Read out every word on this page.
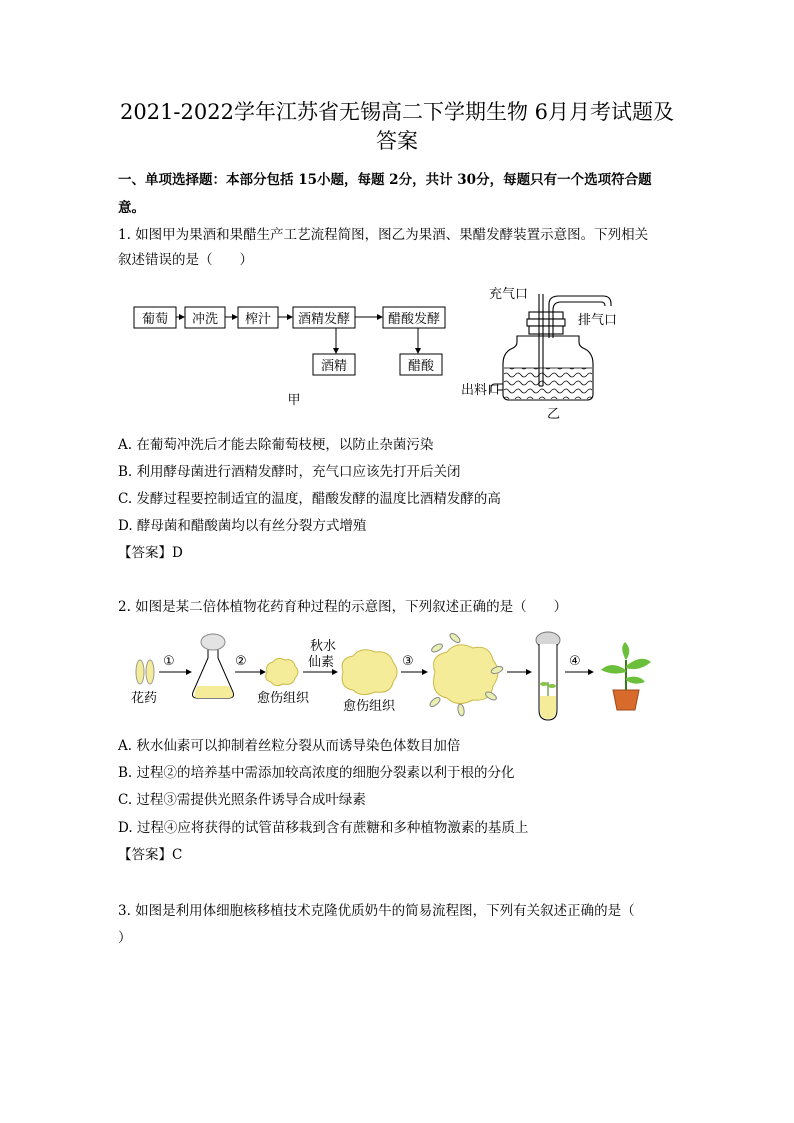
2021-2022学年江苏省无锡高二下学期生物 6月月考试题及
答案
一、单项选择题：本部分包括 15小题，每题 2分，共计 30分，每题只有一个选项符合题
意。
1. 如图甲为果酒和果醋生产工艺流程简图，图乙为果酒、果醋发酵装置示意图。下列相关
叙述错误的是（　　）
葡萄 冲洗 榨汁 酒精发酵	醋酸发酵
酒精	醋酸
甲
充气口
排气口
出料口
乙
A. 在葡萄冲洗后才能去除葡萄枝梗，以防止杂菌污染
B. 利用酵母菌进行酒精发酵时，充气口应该先打开后关闭
C. 发酵过程要控制适宜的温度，醋酸发酵的温度比酒精发酵的高
D. 酵母菌和醋酸菌均以有丝分裂方式增殖
【答案】D
2. 如图是某二倍体植物花药育种过程的示意图，下列叙述正确的是（　　）
花药
①	②
愈伤组织
秋水
仙素
愈伤组织
③	④
A. 秋水仙素可以抑制着丝粒分裂从而诱导染色体数目加倍
B. 过程②的培养基中需添加较高浓度的细胞分裂素以利于根的分化
C. 过程③需提供光照条件诱导合成叶绿素
D. 过程④应将获得的试管苗移栽到含有蔗糖和多种植物激素的基质上
【答案】C
3. 如图是利用体细胞核移植技术克隆优质奶牛的简易流程图，下列有关叙述正确的是（
）
